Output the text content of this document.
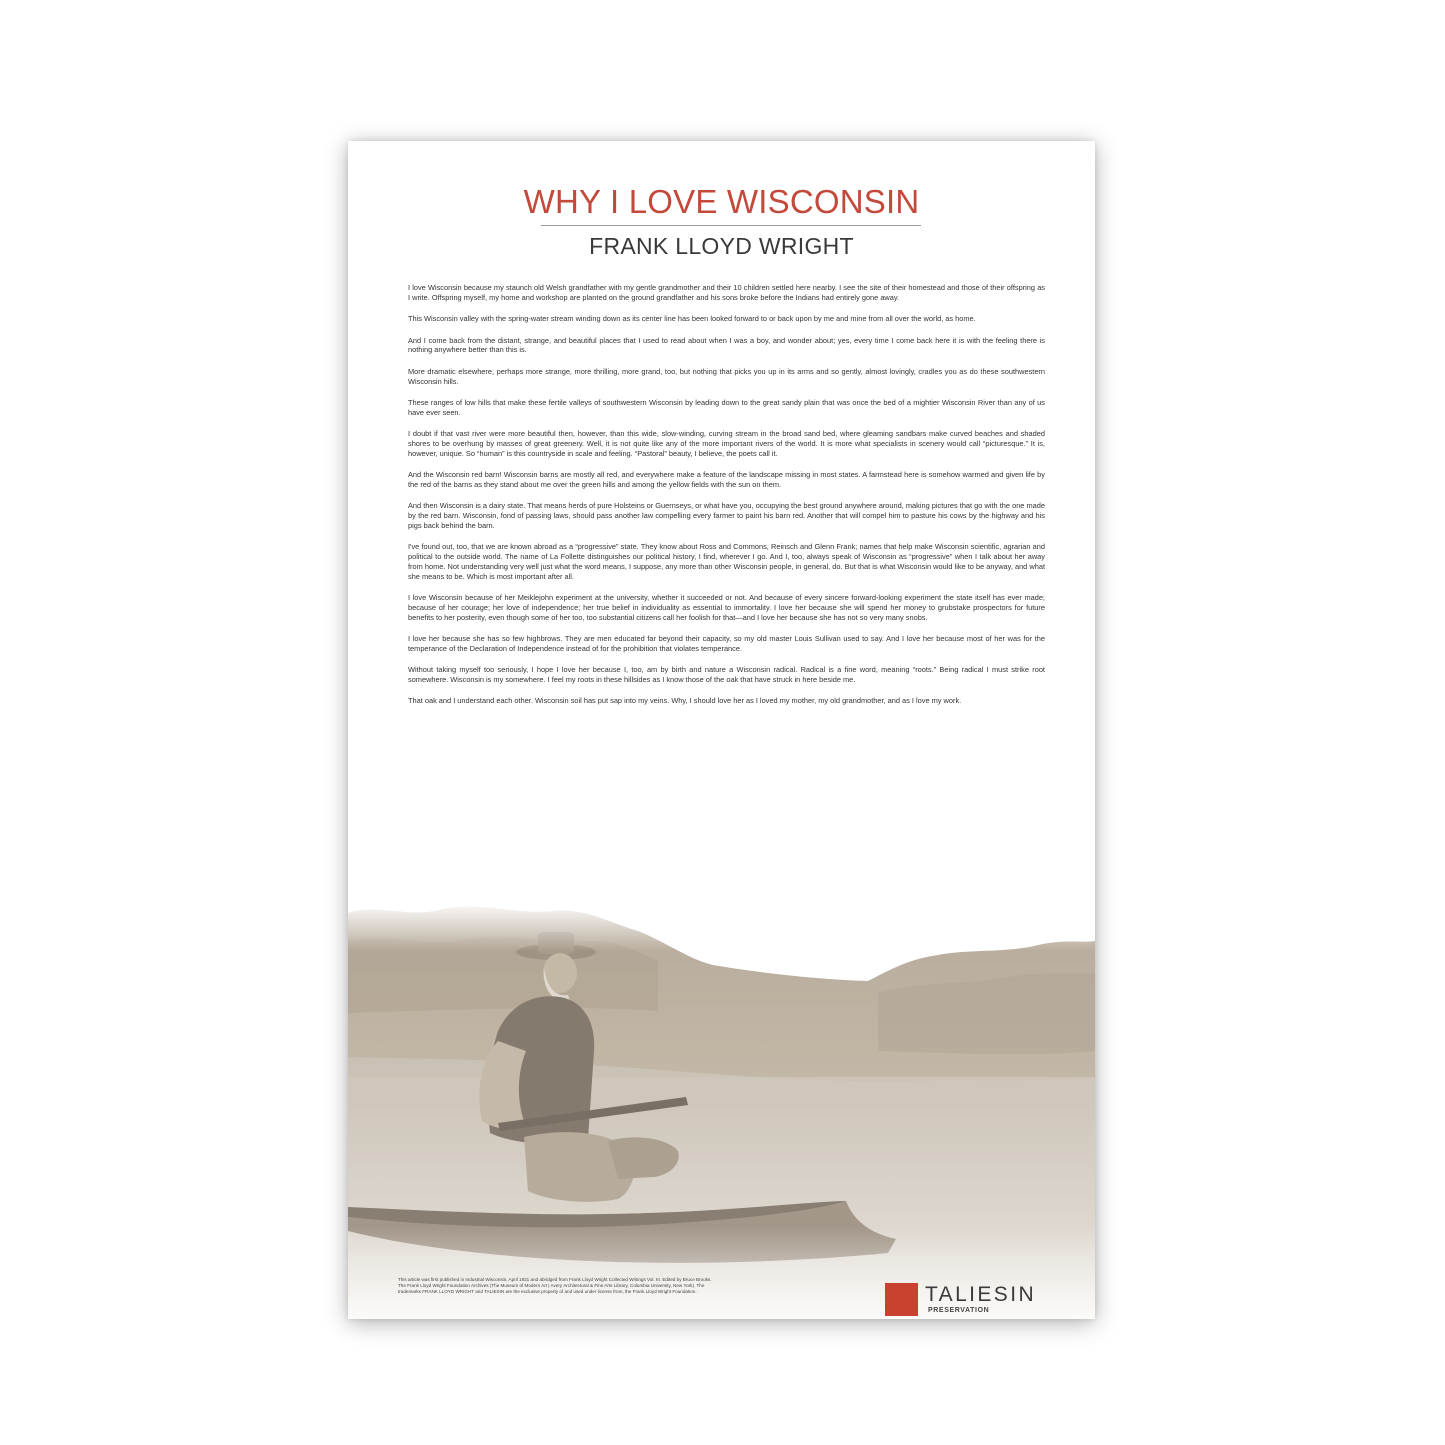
WHY I LOVE WISCONSIN
FRANK LLOYD WRIGHT

I love Wisconsin because my staunch old Welsh grandfather with my gentle grandmother and their 10 children settled here nearby. I see the site of their homestead and those of their offspring as I write. Offspring myself, my home and workshop are planted on the ground grandfather and his sons broke before the Indians had entirely gone away.

This Wisconsin valley with the spring-water stream winding down as its center line has been looked forward to or back upon by me and mine from all over the world, as home.

And I come back from the distant, strange, and beautiful places that I used to read about when I was a boy, and wonder about; yes, every time I come back here it is with the feeling there is nothing anywhere better than this is.

More dramatic elsewhere, perhaps more strange, more thrilling, more grand, too, but nothing that picks you up in its arms and so gently, almost lovingly, cradles you as do these southwestern Wisconsin hills.

These ranges of low hills that make these fertile valleys of southwestern Wisconsin by leading down to the great sandy plain that was once the bed of a mightier Wisconsin River than any of us have ever seen.

I doubt if that vast river were more beautiful then, however, than this wide, slow-winding, curving stream in the broad sand bed, where gleaming sandbars make curved beaches and shaded shores to be overhung by masses of great greenery. Well, it is not quite like any of the more important rivers of the world. It is more what specialists in scenery would call “picturesque.” It is, however, unique. So “human” is this countryside in scale and feeling. “Pastoral” beauty, I believe, the poets call it.

And the Wisconsin red barn! Wisconsin barns are mostly all red, and everywhere make a feature of the landscape missing in most states. A farmstead here is somehow warmed and given life by the red of the barns as they stand about me over the green hills and among the yellow fields with the sun on them.

And then Wisconsin is a dairy state. That means herds of pure Holsteins or Guernseys, or what have you, occupying the best ground anywhere around, making pictures that go with the one made by the red barn. Wisconsin, fond of passing laws, should pass another law compelling every farmer to paint his barn red. Another that will compel him to pasture his cows by the highway and his pigs back behind the barn.

I've found out, too, that we are known abroad as a “progressive” state. They know about Ross and Commons, Reinsch and Glenn Frank; names that help make Wisconsin scientific, agrarian and political to the outside world. The name of La Follette distinguishes our political history, I find, wherever I go. And I, too, always speak of Wisconsin as “progressive” when I talk about her away from home. Not understanding very well just what the word means, I suppose, any more than other Wisconsin people, in general, do. But that is what Wisconsin would like to be anyway, and what she means to be. Which is most important after all.

I love Wisconsin because of her Meiklejohn experiment at the university, whether it succeeded or not. And because of every sincere forward-looking experiment the state itself has ever made; because of her courage; her love of independence; her true belief in individuality as essential to immortality. I love her because she will spend her money to grubstake prospectors for future benefits to her posterity, even though some of her too, too substantial citizens call her foolish for that—and I love her because she has not so very many snobs.

I love her because she has so few highbrows. They are men educated far beyond their capacity, so my old master Louis Sullivan used to say. And I love her because most of her was for the temperance of the Declaration of Independence instead of for the prohibition that violates temperance.

Without taking myself too seriously, I hope I love her because I, too, am by birth and nature a Wisconsin radical. Radical is a fine word, meaning “roots.” Being radical I must strike root somewhere. Wisconsin is my somewhere. I feel my roots in these hillsides as I know those of the oak that have struck in here beside me.

That oak and I understand each other. Wisconsin soil has put sap into my veins. Why, I should love her as I loved my mother, my old grandmother, and as I love my work.

This article was first published in Industrial Wisconsin, April 1931 and abridged from Frank Lloyd Wright Collected Writings Vol. III. Edited by Bruce Brooks. The Frank Lloyd Wright Foundation Archives (The Museum of Modern Art | Avery Architectural & Fine Arts Library, Columbia University, New York). The trademarks FRANK LLOYD WRIGHT and TALIESIN are the exclusive property of and used under license from, the Frank Lloyd Wright Foundation.	TALIESIN
PRESERVATION
